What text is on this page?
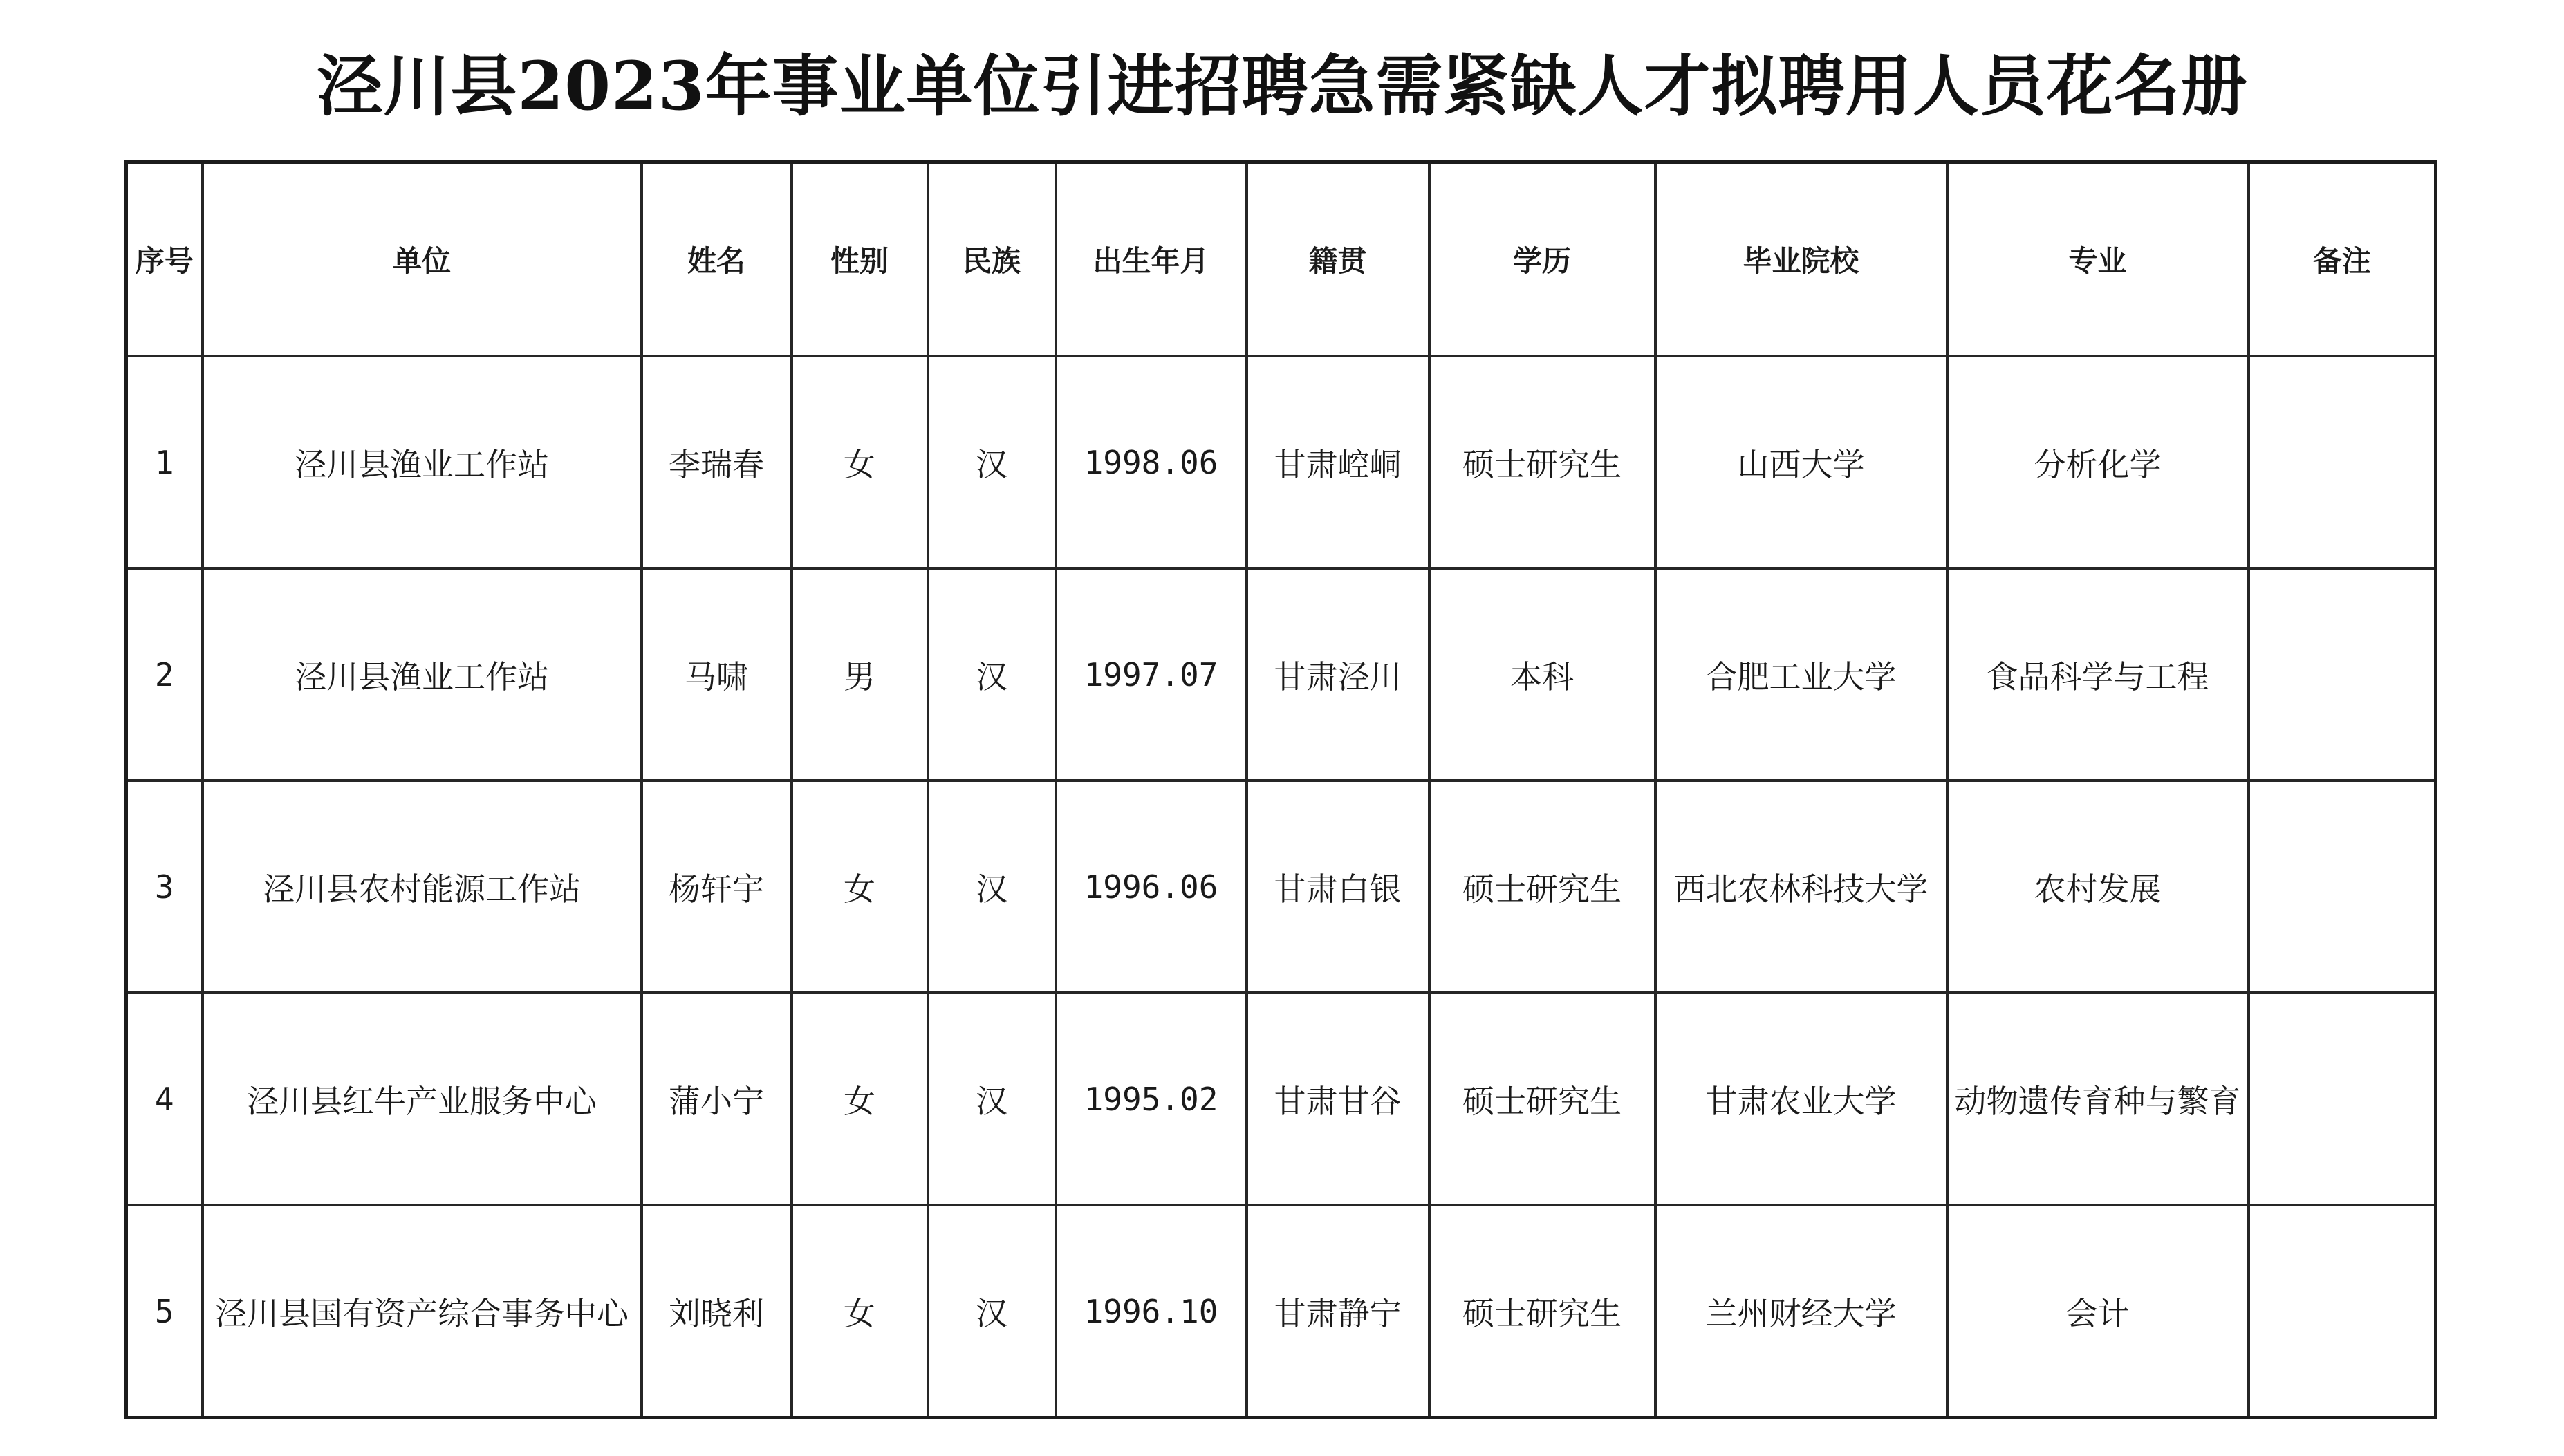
泾川县2023年事业单位引进招聘急需紧缺人才拟聘用人员花名册
序号	单位	姓名	性别	民族	出生年月	籍贯	学历	毕业院校	专业	备注
1	泾川县渔业工作站	李瑞春	女	汉	1998.06	甘肃崆峒	硕士研究生	山西大学	分析化学	
2	泾川县渔业工作站	马啸	男	汉	1997.07	甘肃泾川	本科	合肥工业大学	食品科学与工程	
3	泾川县农村能源工作站	杨轩宇	女	汉	1996.06	甘肃白银	硕士研究生	西北农林科技大学	农村发展	
4	泾川县红牛产业服务中心	蒲小宁	女	汉	1995.02	甘肃甘谷	硕士研究生	甘肃农业大学	动物遗传育种与繁育	
5	泾川县国有资产综合事务中心	刘晓利	女	汉	1996.10	甘肃静宁	硕士研究生	兰州财经大学	会计	
